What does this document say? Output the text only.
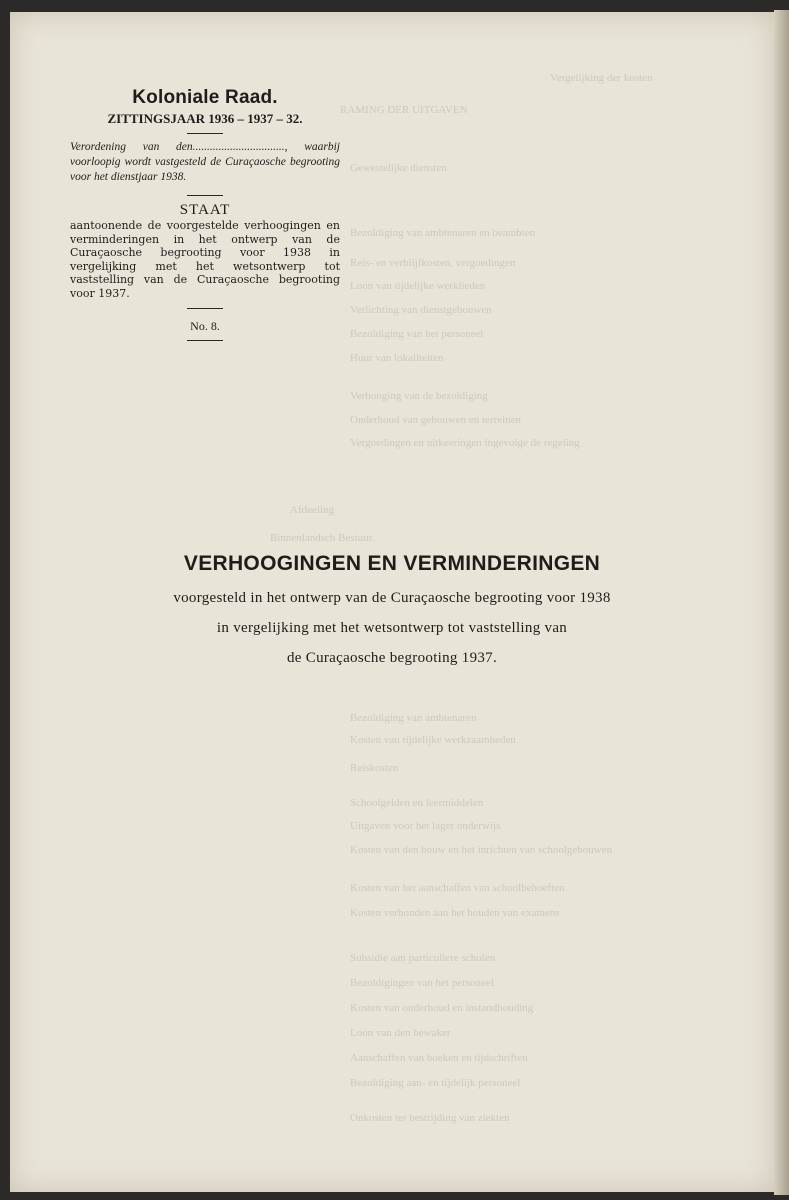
Vergelijking der kosten
RAMING DER UITGAVEN
Gewestelijke diensten
Bezoldiging van ambtenaren en beambten
Reis- en verblijfkosten, vergoedingen
Loon van tijdelijke werklieden
Verlichting van dienstgebouwen
Bezoldiging van het personeel
Huur van lokaliteiten
Verhooging van de bezoldiging
Onderhoud van gebouwen en terreinen
Vergoedingen en uitkeeringen ingevolge de regeling
Afdeeling
Binnenlandsch Bestuur.
Bezoldiging van ambtenaren
Kosten van tijdelijke werkzaamheden
Reiskosten
Schoolgelden en leermiddelen
Uitgaven voor het lager onderwijs
Kosten van den bouw en het inrichten van schoolgebouwen
Kosten van het aanschaffen van schoolbehoeften
Kosten verbonden aan het houden van examens
Subsidie aan particuliere scholen
Bezoldigingen van het personeel
Kosten van onderhoud en instandhouding
Loon van den bewaker
Aanschaffen van boeken en tijdschriften
Bezoldiging aan- en tijdelijk personeel
Onkosten ter bestrijding van ziekten
Koloniale Raad.
ZITTINGSJAAR 1936 – 1937 – 32.
Verordening van den................................, waarbij voorloopig wordt vastgesteld de Curaçaosche begrooting voor het dienstjaar 1938.
STAAT
aantoonende de voorgestelde verhoogingen en verminderingen in het ontwerp van de Curaçaosche begrooting voor 1938 in vergelijking met het wetsontwerp tot vaststelling van de Curaçaosche begrooting voor 1937.
No. 8.
VERHOOGINGEN EN VERMINDERINGEN
voorgesteld in het ontwerp van de Curaçaosche begrooting voor 1938
in vergelijking met het wetsontwerp tot vaststelling van
de Curaçaosche begrooting 1937.
